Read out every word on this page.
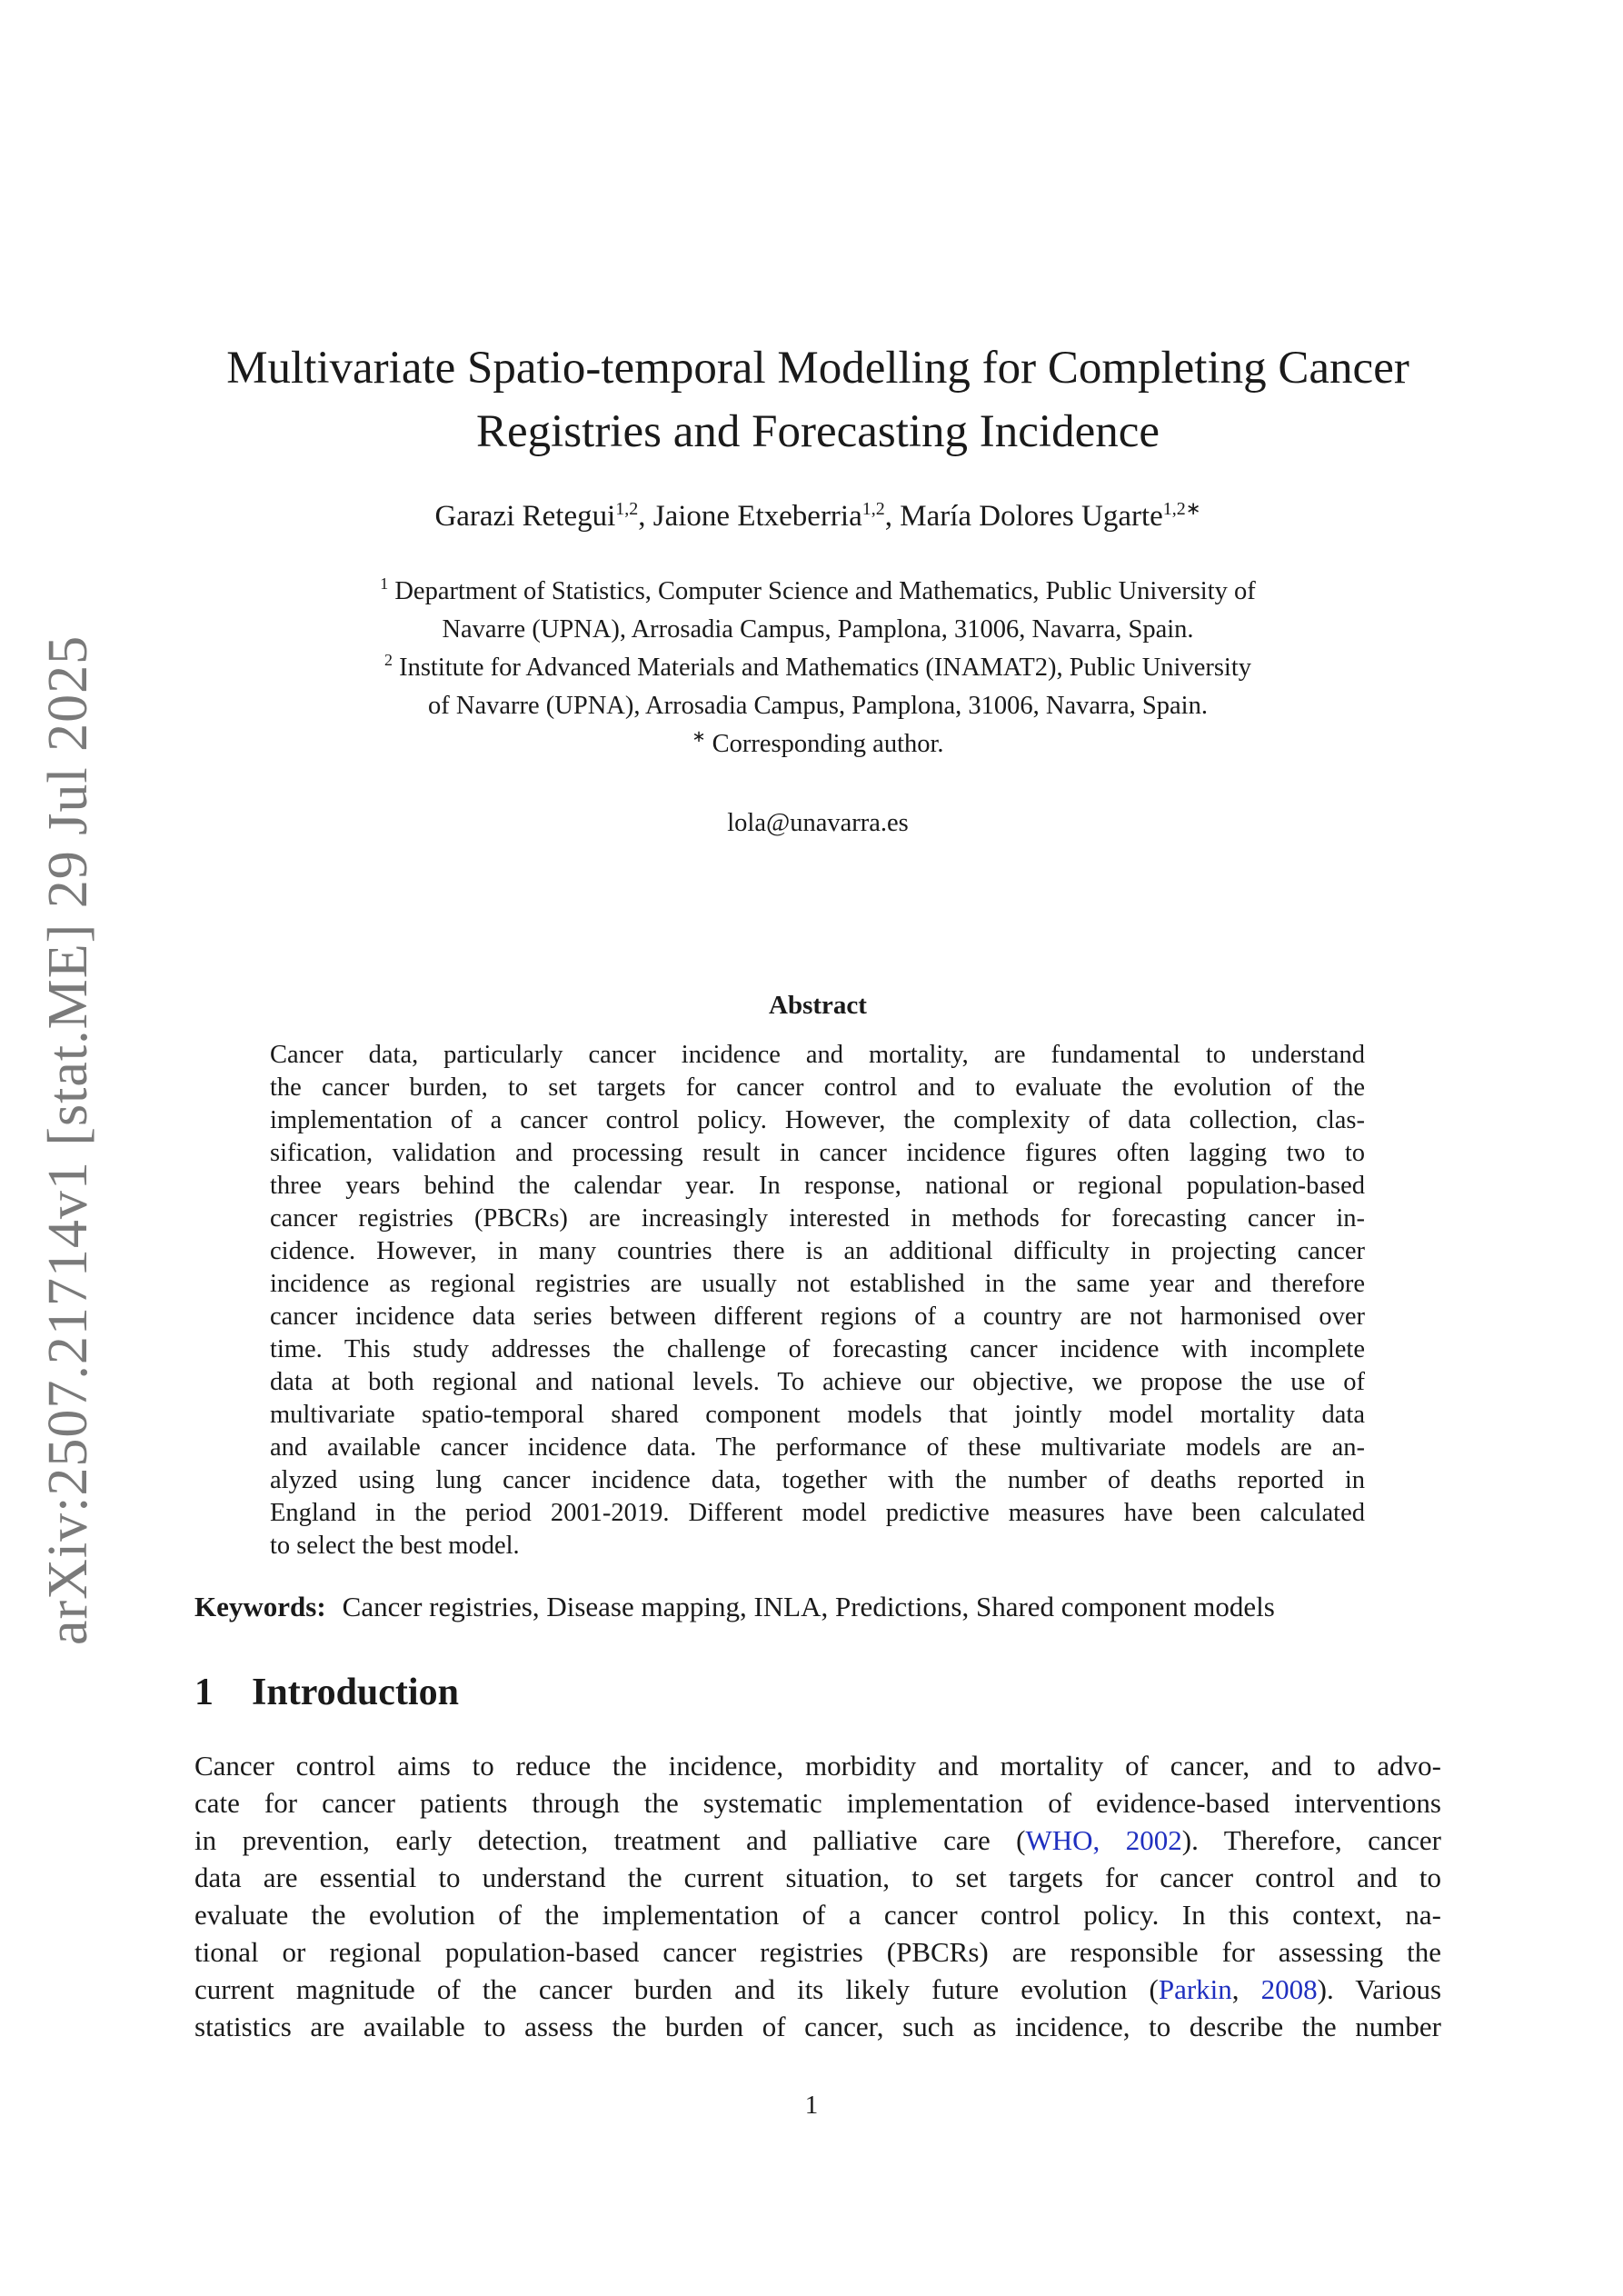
arXiv:2507.21714v1 [stat.ME] 29 Jul 2025
Multivariate Spatio-temporal Modelling for Completing Cancer
Registries and Forecasting Incidence
Garazi Retegui$^{1,2}$, Jaione Etxeberria$^{1,2}$, María Dolores Ugarte$^{1,2∗}$
$^1$ Department of Statistics, Computer Science and Mathematics, Public University of
Navarre (UPNA), Arrosadia Campus, Pamplona, 31006, Navarra, Spain.
$^2$ Institute for Advanced Materials and Mathematics (INAMAT2), Public University
of Navarre (UPNA), Arrosadia Campus, Pamplona, 31006, Navarra, Spain.
∗ Corresponding author.
lola@unavarra.es
Abstract
Cancer data, particularly cancer incidence and mortality, are fundamental to understand
the cancer burden, to set targets for cancer control and to evaluate the evolution of the
implementation of a cancer control policy. However, the complexity of data collection, clas-
sification, validation and processing result in cancer incidence figures often lagging two to
three years behind the calendar year. In response, national or regional population-based
cancer registries (PBCRs) are increasingly interested in methods for forecasting cancer in-
cidence. However, in many countries there is an additional difficulty in projecting cancer
incidence as regional registries are usually not established in the same year and therefore
cancer incidence data series between different regions of a country are not harmonised over
time. This study addresses the challenge of forecasting cancer incidence with incomplete
data at both regional and national levels. To achieve our objective, we propose the use of
multivariate spatio-temporal shared component models that jointly model mortality data
and available cancer incidence data. The performance of these multivariate models are an-
alyzed using lung cancer incidence data, together with the number of deaths reported in
England in the period 2001-2019. Different model predictive measures have been calculated
to select the best model.
Keywords: Cancer registries, Disease mapping, INLA, Predictions, Shared component models
1 Introduction
Cancer control aims to reduce the incidence, morbidity and mortality of cancer, and to advo-
cate for cancer patients through the systematic implementation of evidence-based interventions
in prevention, early detection, treatment and palliative care (WHO, 2002). Therefore, cancer
data are essential to understand the current situation, to set targets for cancer control and to
evaluate the evolution of the implementation of a cancer control policy. In this context, na-
tional or regional population-based cancer registries (PBCRs) are responsible for assessing the
current magnitude of the cancer burden and its likely future evolution (Parkin, 2008). Various
statistics are available to assess the burden of cancer, such as incidence, to describe the number
1
